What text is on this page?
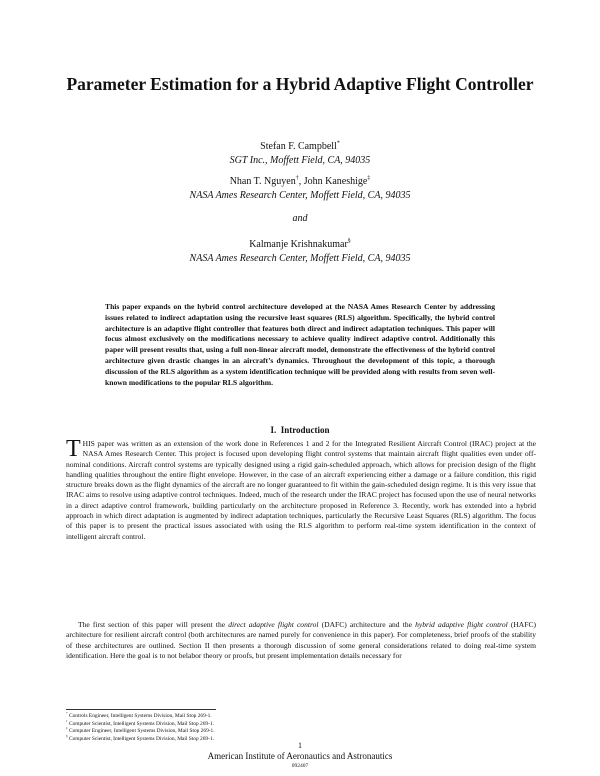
Parameter Estimation for a Hybrid Adaptive Flight Controller
Stefan F. Campbell*
SGT Inc., Moffett Field, CA, 94035
Nhan T. Nguyen†, John Kaneshige‡
NASA Ames Research Center, Moffett Field, CA, 94035
and
Kalmanje Krishnakumar§
NASA Ames Research Center, Moffett Field, CA, 94035
This paper expands on the hybrid control architecture developed at the NASA Ames Research Center by addressing issues related to indirect adaptation using the recursive least squares (RLS) algorithm. Specifically, the hybrid control architecture is an adaptive flight controller that features both direct and indirect adaptation techniques. This paper will focus almost exclusively on the modifications necessary to achieve quality indirect adaptive control. Additionally this paper will present results that, using a full non-linear aircraft model, demonstrate the effectiveness of the hybrid control architecture given drastic changes in an aircraft’s dynamics. Throughout the development of this topic, a thorough discussion of the RLS algorithm as a system identification technique will be provided along with results from seven well-known modifications to the popular RLS algorithm.
I. Introduction
THIS paper was written as an extension of the work done in References 1 and 2 for the Integrated Resilient Aircraft Control (IRAC) project at the NASA Ames Research Center. This project is focused upon developing flight control systems that maintain aircraft flight qualities even under off-nominal conditions. Aircraft control systems are typically designed using a rigid gain-scheduled approach, which allows for precision design of the flight handling qualities throughout the entire flight envelope. However, in the case of an aircraft experiencing either a damage or a failure condition, this rigid structure breaks down as the flight dynamics of the aircraft are no longer guaranteed to fit within the gain-scheduled design regime. It is this very issue that IRAC aims to resolve using adaptive control techniques. Indeed, much of the research under the IRAC project has focused upon the use of neural networks in a direct adaptive control framework, building particularly on the architecture proposed in Reference 3. Recently, work has extended into a hybrid approach in which direct adaptation is augmented by indirect adaptation techniques, particularly the Recursive Least Squares (RLS) algorithm. The focus of this paper is to present the practical issues associated with using the RLS algorithm to perform real-time system identification in the context of intelligent aircraft control.
The first section of this paper will present the direct adaptive flight control (DAFC) architecture and the hybrid adaptive flight control (HAFC) architecture for resilient aircraft control (both architectures are named purely for convenience in this paper). For completeness, brief proofs of the stability of these architectures are outlined. Section II then presents a thorough discussion of some general considerations related to doing real-time system identification. Here the goal is to not belabor theory or proofs, but present implementation details necessary for
* Controls Engineer, Intelligent Systems Division, Mail Stop 269-1.
† Computer Scientist, Intelligent Systems Division, Mail Stop 269-1.
‡ Computer Engineer, Intelligent Systems Division, Mail Stop 269-1.
§ Computer Scientist, Intelligent Systems Division, Mail Stop 269-1.
1
American Institute of Aeronautics and Astronautics
092407
